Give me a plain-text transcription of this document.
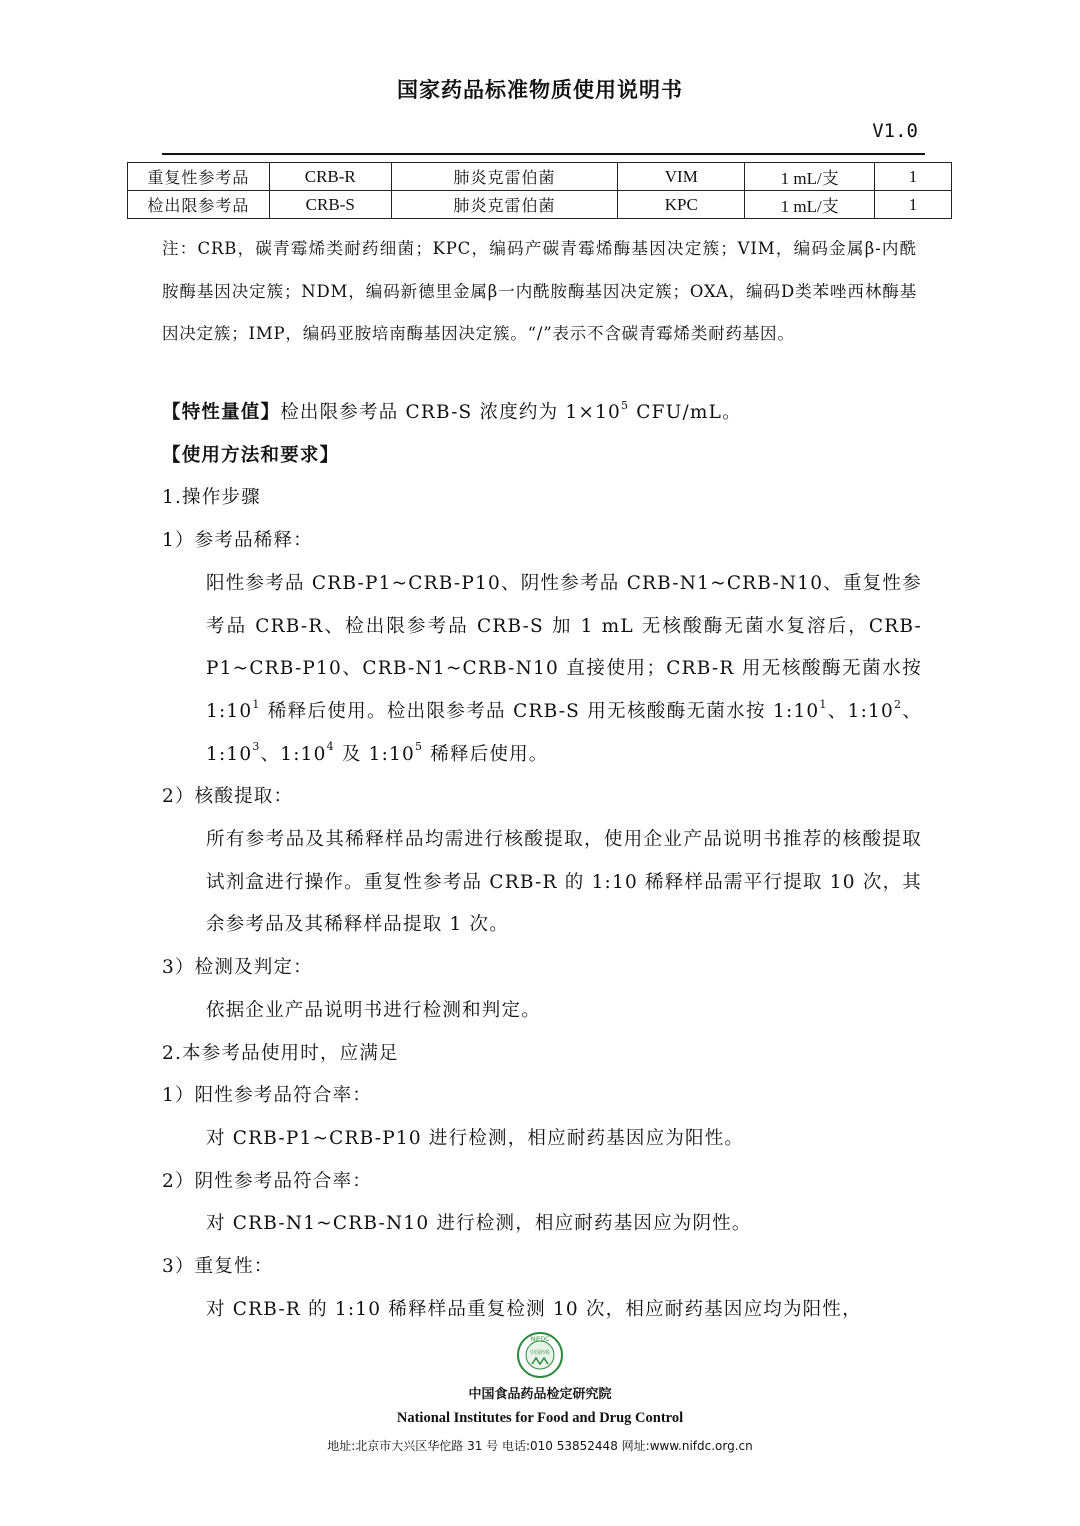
国家药品标准物质使用说明书
V1.0
重复性参考品	CRB-R	肺炎克雷伯菌	VIM	1 mL/支	1
检出限参考品	CRB-S	肺炎克雷伯菌	KPC	1 mL/支	1

注：CRB，碳青霉烯类耐药细菌；KPC，编码产碳青霉烯酶基因决定簇；VIM，编码金属β-内酰胺酶基因决定簇；NDM，编码新德里金属β一内酰胺酶基因决定簇；OXA，编码D类苯唑西林酶基因决定簇；IMP，编码亚胺培南酶基因决定簇。“/”表示不含碳青霉烯类耐药基因。

【特性量值】检出限参考品 CRB-S 浓度约为 $1\times 10^5$ CFU/mL。

【使用方法和要求】

1.操作步骤

1）参考品稀释：

阳性参考品 CRB-P1~CRB-P10、阴性参考品 CRB-N1~CRB-N10、重复性参考品 CRB-R、检出限参考品 CRB-S 加 1 mL 无核酸酶无菌水复溶后，CRB-P1~CRB-P10、CRB-N1~CRB-N10 直接使用；CRB-R 用无核酸酶无菌水按 $1:10^1$ 稀释后使用。检出限参考品 CRB-S 用无核酸酶无菌水按 $1:10^1$、$1:10^2$、$1:10^3$、$1:10^4$ 及 $1:10^5$ 稀释后使用。

2）核酸提取：

所有参考品及其稀释样品均需进行核酸提取，使用企业产品说明书推荐的核酸提取试剂盒进行操作。重复性参考品 CRB-R 的 1:10 稀释样品需平行提取 10 次，其余参考品及其稀释样品提取 1 次。

3）检测及判定：

依据企业产品说明书进行检测和判定。

2.本参考品使用时，应满足

1）阳性参考品符合率：

对 CRB-P1~CRB-P10 进行检测，相应耐药基因应为阳性。

2）阴性参考品符合率：

对 CRB-N1~CRB-N10 进行检测，相应耐药基因应为阴性。

3）重复性：

对 CRB-R 的 1:10 稀释样品重复检测 10 次，相应耐药基因应均为阳性，

NIFDC
中国药检
中国食品药品检定研究院
National Institutes for Food and Drug Control
地址:北京市大兴区华佗路 31 号 电话:010 53852448 网址:www.nifdc.org.cn
